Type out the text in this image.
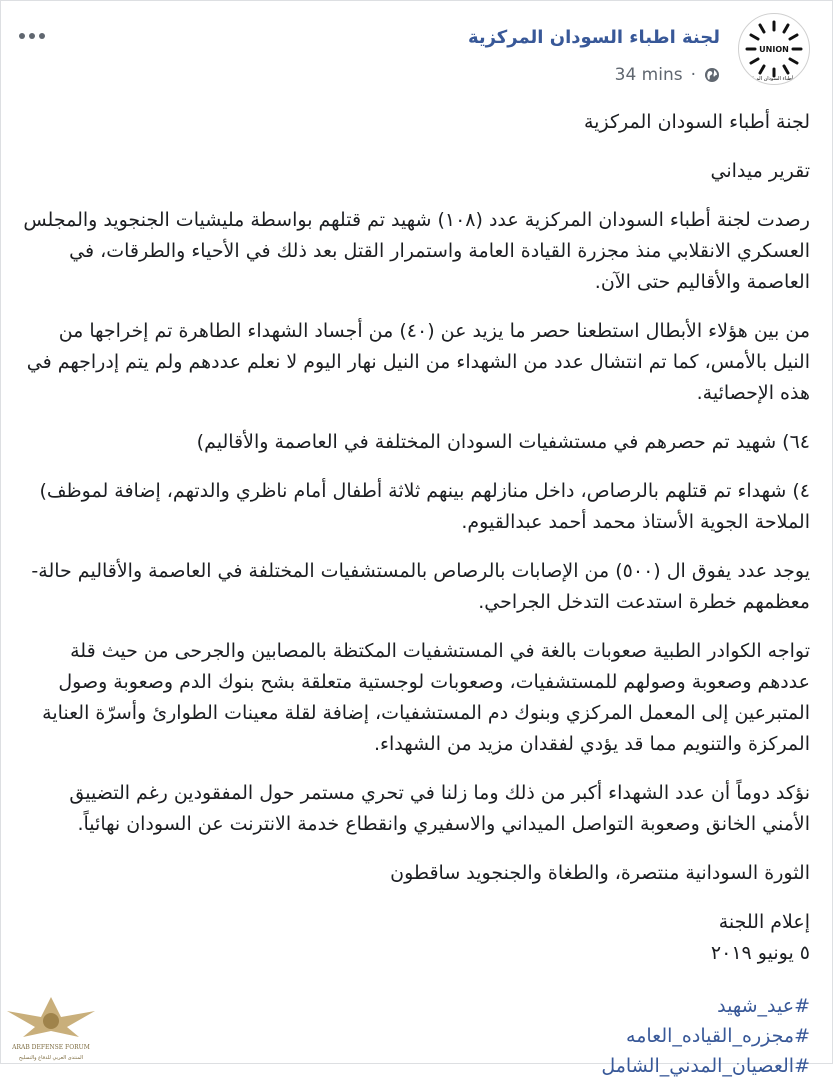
UNION
لجنة أطباء السودان المركزية
لجنة اطباء السودان المركزية
34 mins ·

لجنة أطباء السودان المركزية

تقرير ميداني

رصدت لجنة أطباء السودان المركزية عدد (١٠٨) شهيد تم قتلهم بواسطة مليشيات الجنجويد والمجلس العسكري الانقلابي منذ مجزرة القيادة العامة واستمرار القتل بعد ذلك في الأحياء والطرقات، في العاصمة والأقاليم حتى الآن.

من بين هؤلاء الأبطال استطعنا حصر ما يزيد عن (٤٠) من أجساد الشهداء الطاهرة تم إخراجها من النيل بالأمس، كما تم انتشال عدد من الشهداء من النيل نهار اليوم لا نعلم عددهم ولم يتم إدراجهم في هذه الإحصائية.

٦٤) شهيد تم حصرهم في مستشفيات السودان المختلفة في العاصمة والأقاليم)

٤) شهداء تم قتلهم بالرصاص، داخل منازلهم بينهم ثلاثة أطفال أمام ناظري والدتهم، إضافة لموظف) الملاحة الجوية الأستاذ محمد أحمد عبدالقيوم.

يوجد عدد يفوق ال (٥٠٠) من الإصابات بالرصاص بالمستشفيات المختلفة في العاصمة والأقاليم حالة- معظمهم خطرة استدعت التدخل الجراحي.

تواجه الكوادر الطبية صعوبات بالغة في المستشفيات المكتظة بالمصابين والجرحى من حيث قلة عددهم وصعوبة وصولهم للمستشفيات، وصعوبات لوجستية متعلقة بشح بنوك الدم وصعوبة وصول المتبرعين إلى المعمل المركزي وبنوك دم المستشفيات، إضافة لقلة معينات الطوارئ وأسرّة العناية المركزة والتنويم مما قد يؤدي لفقدان مزيد من الشهداء.

نؤكد دوماً أن عدد الشهداء أكبر من ذلك وما زلنا في تحري مستمر حول المفقودين رغم التضييق الأمني الخانق وصعوبة التواصل الميداني والاسفيري وانقطاع خدمة الانترنت عن السودان نهائياً.

الثورة السودانية منتصرة، والطغاة والجنجويد ساقطون

إعلام اللجنة

٥ يونيو ٢٠١٩

#عيد_شهيد
#مجزره_القياده_العامه
#العصيان_المدني_الشامل

ARAB DEFENSE FORUM
المنتدى العربي للدفاع والتسليح
